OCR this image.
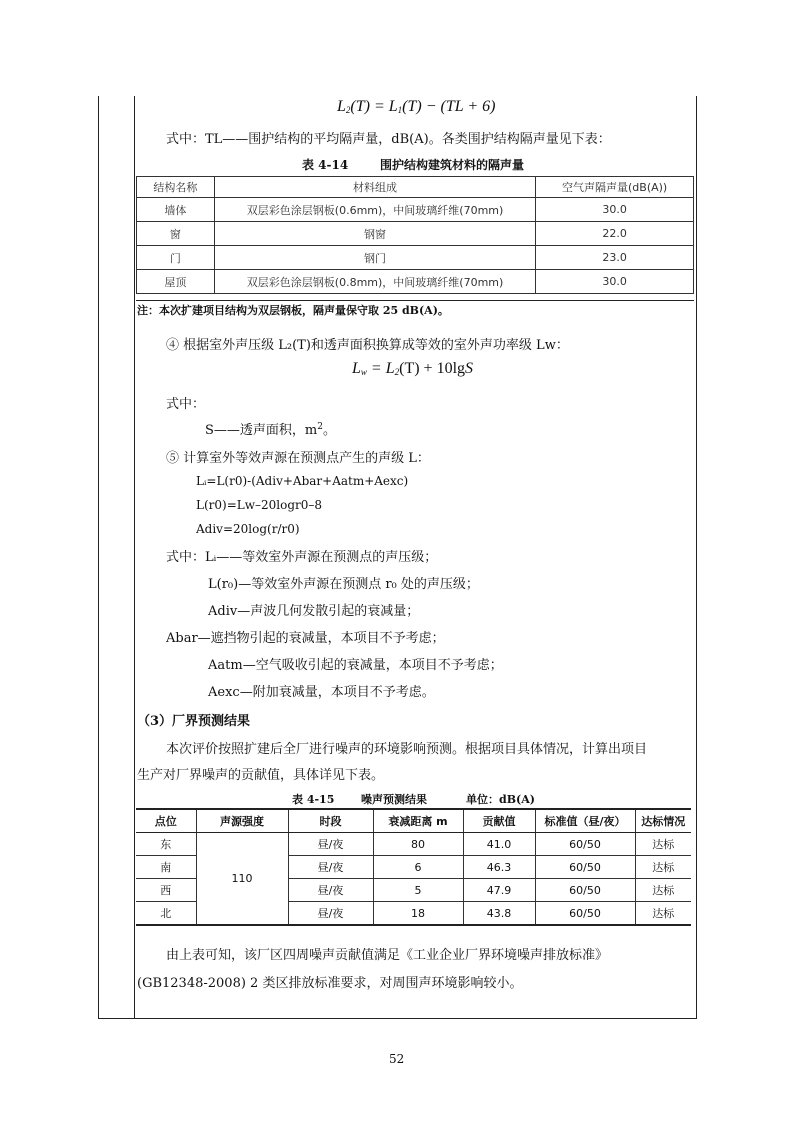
$L_2(T) = L_1(T) - (TL + 6)$
式中：TL——围护结构的平均隔声量，dB(A)。各类围护结构隔声量见下表：
表 4-14	围护结构建筑材料的隔声量
结构名称	材料组成	空气声隔声量(dB(A))
墙体	双层彩色涂层钢板(0.6mm)，中间玻璃纤维(70mm)	30.0
窗	钢窗	22.0
门	钢门	23.0
屋顶	双层彩色涂层钢板(0.8mm)，中间玻璃纤维(70mm)	30.0
注：本次扩建项目结构为双层钢板，隔声量保守取 25 dB(A)。
④ 根据室外声压级 L₂(T)和透声面积换算成等效的室外声功率级 Lw：
$L_w = L_2(T) + 10\lg S$
式中：
S——透声面积，$m^2$。
⑤ 计算室外等效声源在预测点产生的声级 L：
Lᵢ=L(r0)-(Adiv+Abar+Aatm+Aexc)
L(r0)=Lw–20logr0–8
Adiv=20log(r/r0)
式中：Lᵢ——等效室外声源在预测点的声压级；
L(r₀)—等效室外声源在预测点 r₀ 处的声压级；
Adiv—声波几何发散引起的衰减量；
Abar—遮挡物引起的衰减量，本项目不予考虑；
Aatm—空气吸收引起的衰减量，本项目不予考虑；
Aexc—附加衰减量，本项目不予考虑。
（3）厂界预测结果
本次评价按照扩建后全厂进行噪声的环境影响预测。根据项目具体情况，计算出项目
生产对厂界噪声的贡献值，具体详见下表。
表 4-15 噪声预测结果	单位：dB(A)
点位	声源强度	时段	衰减距离 m	贡献值	标准值（昼/夜）	达标情况
东	110	昼/夜	80	41.0	60/50	达标
南		昼/夜	6	46.3	60/50	达标
西		昼/夜	5	47.9	60/50	达标
北		昼/夜	18	43.8	60/50	达标
由上表可知，该厂区四周噪声贡献值满足《工业企业厂界环境噪声排放标准》
(GB12348-2008) 2 类区排放标准要求，对周围声环境影响较小。
52
